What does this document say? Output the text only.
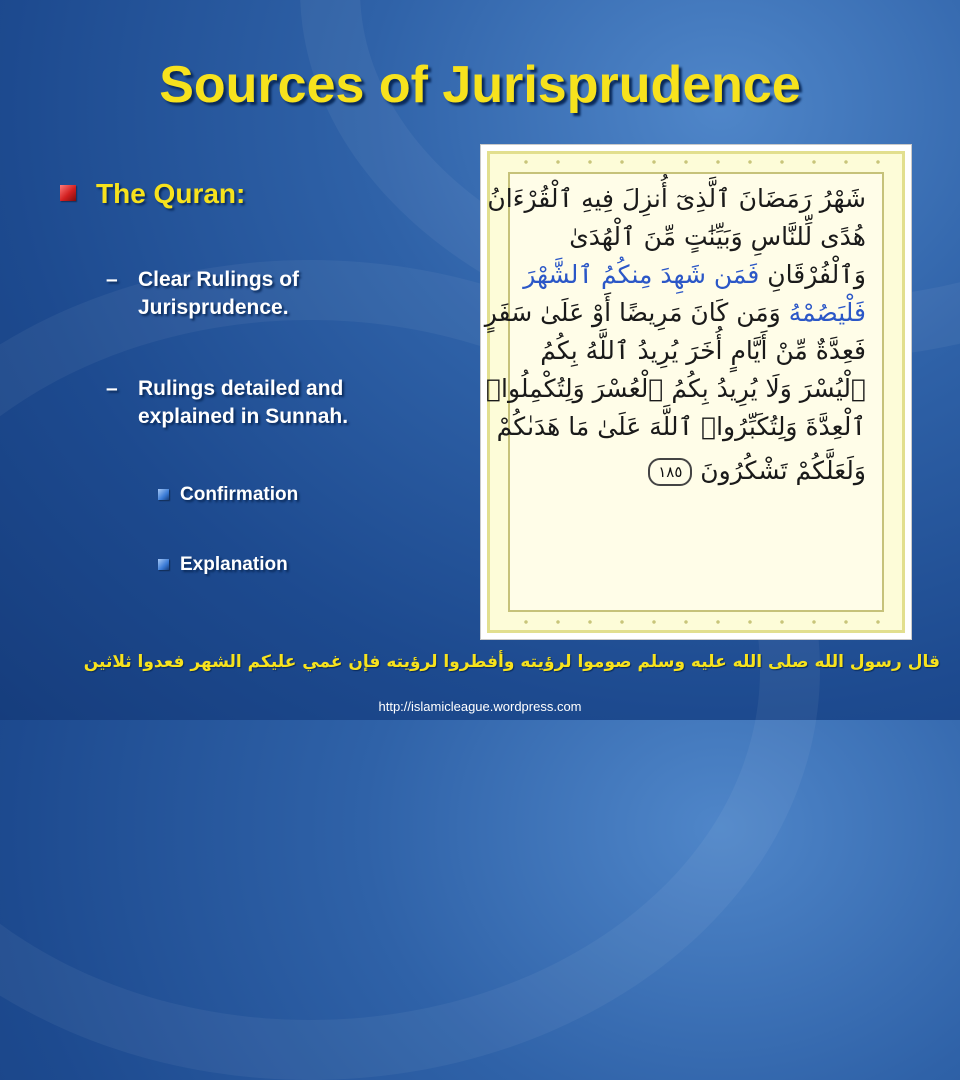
Sources of Jurisprudence
The Quran:
– Clear Rulings of
Jurisprudence.
– Rulings detailed and
explained in Sunnah.
Confirmation
Explanation
شَهْرُ رَمَضَانَ ٱلَّذِىٓ أُنزِلَ فِيهِ ٱلْقُرْءَانُ
هُدًى لِّلنَّاسِ وَبَيِّنَٰتٍ مِّنَ ٱلْهُدَىٰ
وَٱلْفُرْقَانِ فَمَن شَهِدَ مِنكُمُ ٱلشَّهْرَ
فَلْيَصُمْهُ وَمَن كَانَ مَرِيضًا أَوْ عَلَىٰ سَفَرٍ
فَعِدَّةٌ مِّنْ أَيَّامٍ أُخَرَ يُرِيدُ ٱللَّهُ بِكُمُ
ٱلْيُسْرَ وَلَا يُرِيدُ بِكُمُ ٱلْعُسْرَ وَلِتُكْمِلُوا۟
ٱلْعِدَّةَ وَلِتُكَبِّرُوا۟ ٱللَّهَ عَلَىٰ مَا هَدَىٰكُمْ
وَلَعَلَّكُمْ تَشْكُرُونَ ١٨٥
قال رسول الله صلى الله عليه وسلم صوموا لرؤيته وأفطروا لرؤيته فإن غمي عليكم الشهر فعدوا ثلاثين
http://islamicleague.wordpress.com
